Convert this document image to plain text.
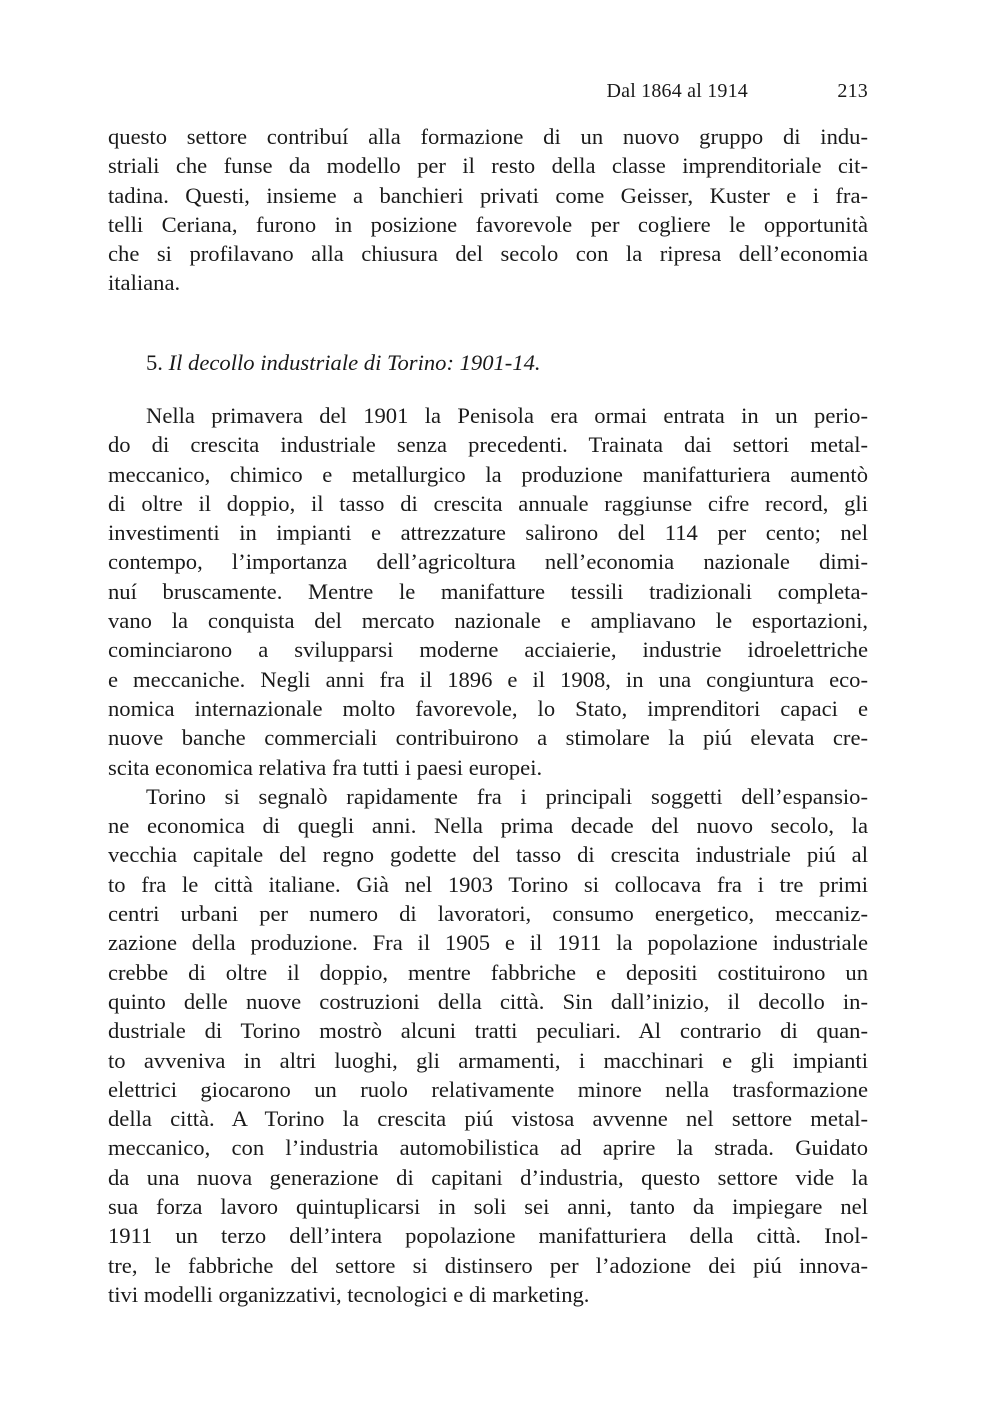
Dal 1864 al 1914	213
questo settore contribuí alla formazione di un nuovo gruppo di indu-
striali che funse da modello per il resto della classe imprenditoriale cit-
tadina. Questi, insieme a banchieri privati come Geisser, Kuster e i fra-
telli Ceriana, furono in posizione favorevole per cogliere le opportunità
che si profilavano alla chiusura del secolo con la ripresa dell’economia
italiana.
5. Il decollo industriale di Torino: 1901-14.
Nella primavera del 1901 la Penisola era ormai entrata in un perio-
do di crescita industriale senza precedenti. Trainata dai settori metal-
meccanico, chimico e metallurgico la produzione manifatturiera aumentò
di oltre il doppio, il tasso di crescita annuale raggiunse cifre record, gli
investimenti in impianti e attrezzature salirono del 114 per cento; nel
contempo, l’importanza dell’agricoltura nell’economia nazionale dimi-
nuí bruscamente. Mentre le manifatture tessili tradizionali completa-
vano la conquista del mercato nazionale e ampliavano le esportazioni,
cominciarono a svilupparsi moderne acciaierie, industrie idroelettriche
e meccaniche. Negli anni fra il 1896 e il 1908, in una congiuntura eco-
nomica internazionale molto favorevole, lo Stato, imprenditori capaci e
nuove banche commerciali contribuirono a stimolare la piú elevata cre-
scita economica relativa fra tutti i paesi europei.
Torino si segnalò rapidamente fra i principali soggetti dell’espansio-
ne economica di quegli anni. Nella prima decade del nuovo secolo, la
vecchia capitale del regno godette del tasso di crescita industriale piú al
to fra le città italiane. Già nel 1903 Torino si collocava fra i tre primi
centri urbani per numero di lavoratori, consumo energetico, meccaniz-
zazione della produzione. Fra il 1905 e il 1911 la popolazione industriale
crebbe di oltre il doppio, mentre fabbriche e depositi costituirono un
quinto delle nuove costruzioni della città. Sin dall’inizio, il decollo in-
dustriale di Torino mostrò alcuni tratti peculiari. Al contrario di quan-
to avveniva in altri luoghi, gli armamenti, i macchinari e gli impianti
elettrici giocarono un ruolo relativamente minore nella trasformazione
della città. A Torino la crescita piú vistosa avvenne nel settore metal-
meccanico, con l’industria automobilistica ad aprire la strada. Guidato
da una nuova generazione di capitani d’industria, questo settore vide la
sua forza lavoro quintuplicarsi in soli sei anni, tanto da impiegare nel
1911 un terzo dell’intera popolazione manifatturiera della città. Inol-
tre, le fabbriche del settore si distinsero per l’adozione dei piú innova-
tivi modelli organizzativi, tecnologici e di marketing.
